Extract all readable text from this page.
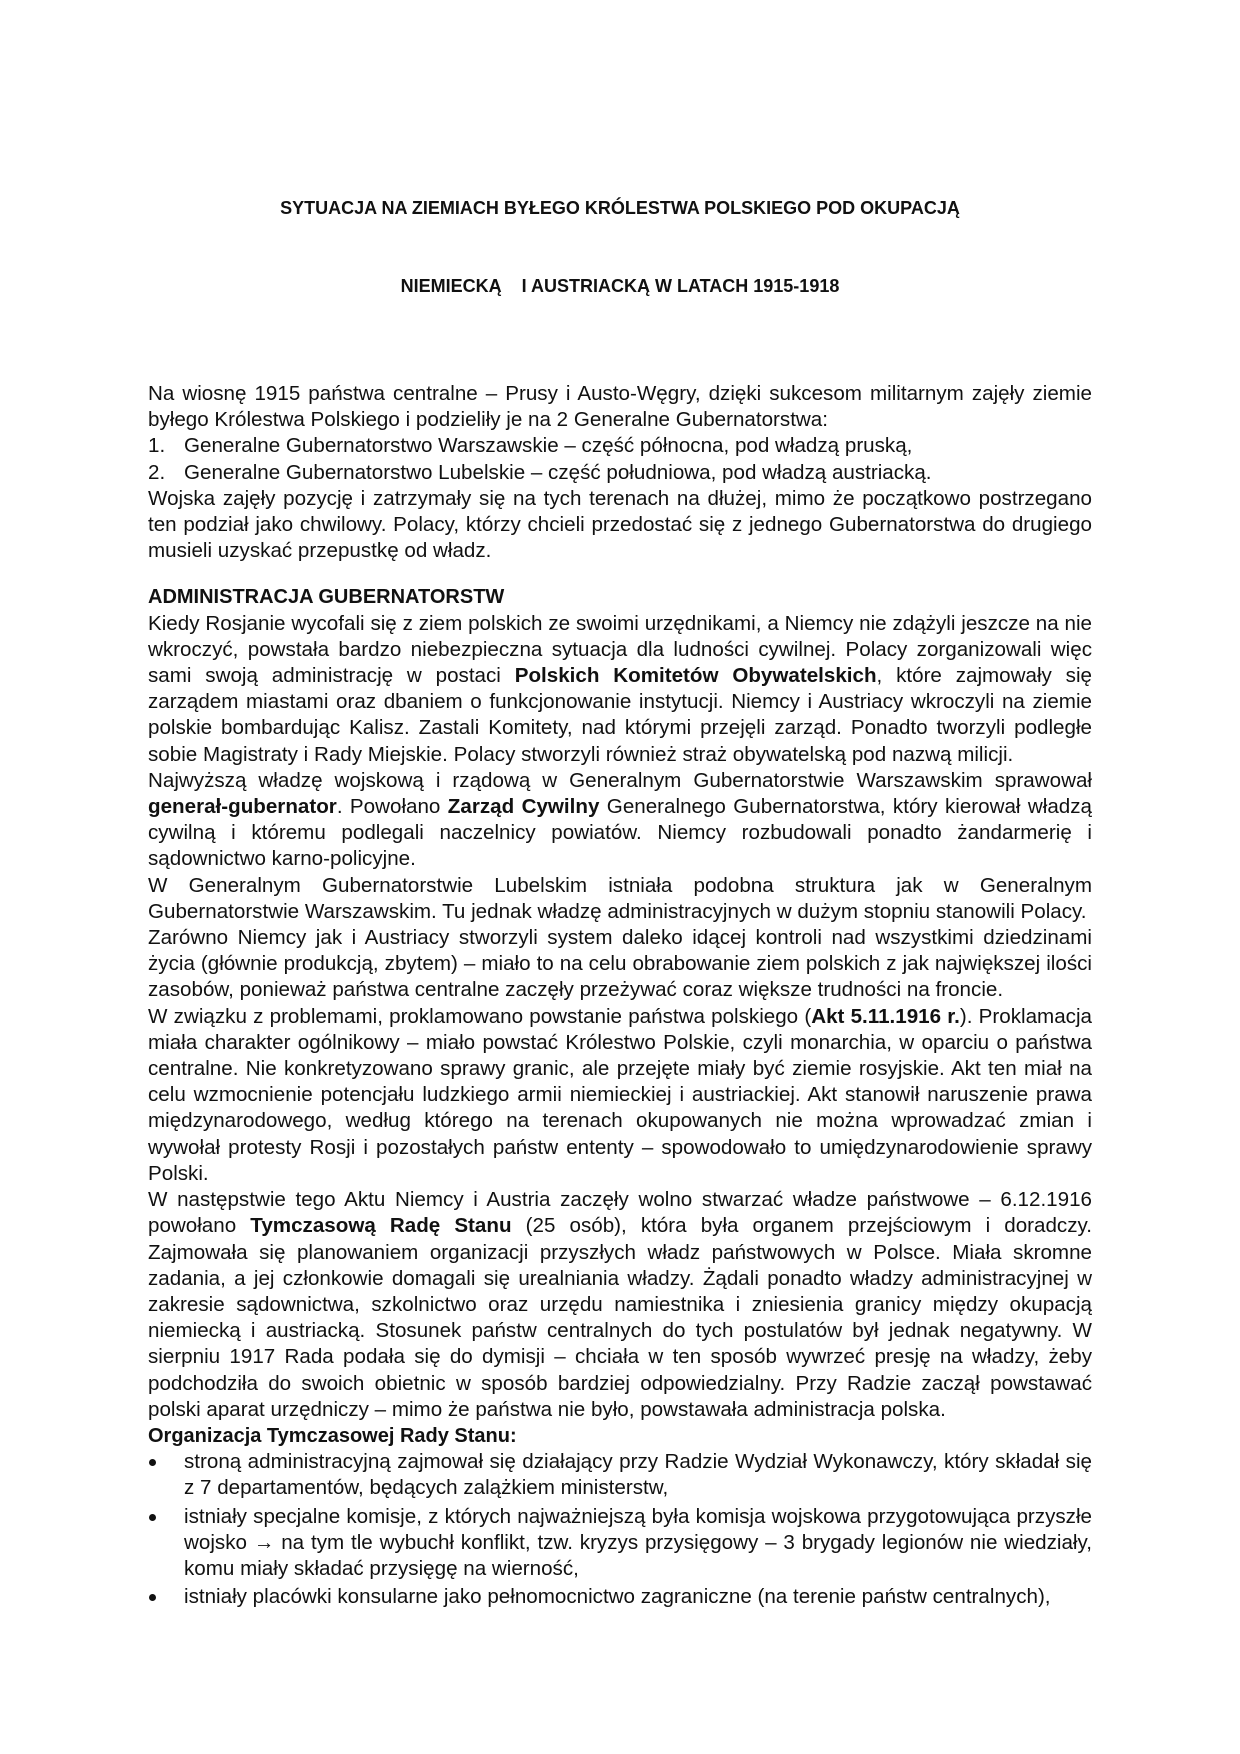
SYTUACJA NA ZIEMIACH BYŁEGO KRÓLESTWA POLSKIEGO POD OKUPACJĄ

NIEMIECKĄ    I AUSTRIACKĄ W LATACH 1915-1918

Na wiosnę 1915 państwa centralne – Prusy i Austo-Węgry, dzięki sukcesom militarnym zajęły ziemie byłego Królestwa Polskiego i podzieliły je na 2 Generalne Gubernatorstwa:

1. Generalne Gubernatorstwo Warszawskie – część północna, pod władzą pruską,
2. Generalne Gubernatorstwo Lubelskie – część południowa, pod władzą austriacką.

Wojska zajęły pozycję i zatrzymały się na tych terenach na dłużej, mimo że początkowo postrzegano ten podział jako chwilowy. Polacy, którzy chcieli przedostać się z jednego Gubernatorstwa do drugiego musieli uzyskać przepustkę od władz.

ADMINISTRACJA GUBERNATORSTW

Kiedy Rosjanie wycofali się z ziem polskich ze swoimi urzędnikami, a Niemcy nie zdążyli jeszcze na nie wkroczyć, powstała bardzo niebezpieczna sytuacja dla ludności cywilnej. Polacy zorganizowali więc sami swoją administrację w postaci Polskich Komitetów Obywatelskich, które zajmowały się zarządem miastami oraz dbaniem o funkcjonowanie instytucji. Niemcy i Austriacy wkroczyli na ziemie polskie bombardując Kalisz. Zastali Komitety, nad którymi przejęli zarząd. Ponadto tworzyli podległe sobie Magistraty i Rady Miejskie. Polacy stworzyli również straż obywatelską pod nazwą milicji.

Najwyższą władzę wojskową i rządową w Generalnym Gubernatorstwie Warszawskim sprawował generał-gubernator. Powołano Zarząd Cywilny Generalnego Gubernatorstwa, który kierował władzą cywilną i któremu podlegali naczelnicy powiatów. Niemcy rozbudowali ponadto żandarmerię i sądownictwo karno-policyjne.

W Generalnym Gubernatorstwie Lubelskim istniała podobna struktura jak w Generalnym Gubernatorstwie Warszawskim. Tu jednak władzę administracyjnych w dużym stopniu stanowili Polacy.

Zarówno Niemcy jak i Austriacy stworzyli system daleko idącej kontroli nad wszystkimi dziedzinami życia (głównie produkcją, zbytem) – miało to na celu obrabowanie ziem polskich z jak największej ilości zasobów, ponieważ państwa centralne zaczęły przeżywać coraz większe trudności na froncie.

W związku z problemami, proklamowano powstanie państwa polskiego (Akt 5.11.1916 r.). Proklamacja miała charakter ogólnikowy – miało powstać Królestwo Polskie, czyli monarchia, w oparciu o państwa centralne. Nie konkretyzowano sprawy granic, ale przejęte miały być ziemie rosyjskie. Akt ten miał na celu wzmocnienie potencjału ludzkiego armii niemieckiej i austriackiej. Akt stanowił naruszenie prawa międzynarodowego, według którego na terenach okupowanych nie można wprowadzać zmian i wywołał protesty Rosji i pozostałych państw ententy – spowodowało to umiędzynarodowienie sprawy Polski.

W następstwie tego Aktu Niemcy i Austria zaczęły wolno stwarzać władze państwowe – 6.12.1916 powołano Tymczasową Radę Stanu (25 osób), która była organem przejściowym i doradczy. Zajmowała się planowaniem organizacji przyszłych władz państwowych w Polsce. Miała skromne zadania, a jej członkowie domagali się urealniania władzy. Żądali ponadto władzy administracyjnej w zakresie sądownictwa, szkolnictwo oraz urzędu namiestnika i zniesienia granicy między okupacją niemiecką i austriacką. Stosunek państw centralnych do tych postulatów był jednak negatywny. W sierpniu 1917 Rada podała się do dymisji – chciała w ten sposób wywrzeć presję na władzy, żeby podchodziła do swoich obietnic w sposób bardziej odpowiedzialny. Przy Radzie zaczął powstawać polski aparat urzędniczy – mimo że państwa nie było, powstawała administracja polska.

Organizacja Tymczasowej Rady Stanu:
stroną administracyjną zajmował się działający przy Radzie Wydział Wykonawczy, który składał się z 7 departamentów, będących zalążkiem ministerstw,
istniały specjalne komisje, z których najważniejszą była komisja wojskowa przygotowująca przyszłe wojsko → na tym tle wybuchł konflikt, tzw. kryzys przysięgowy – 3 brygady legionów nie wiedziały, komu miały składać przysięgę na wierność,
istniały placówki konsularne jako pełnomocnictwo zagraniczne (na terenie państw centralnych),
